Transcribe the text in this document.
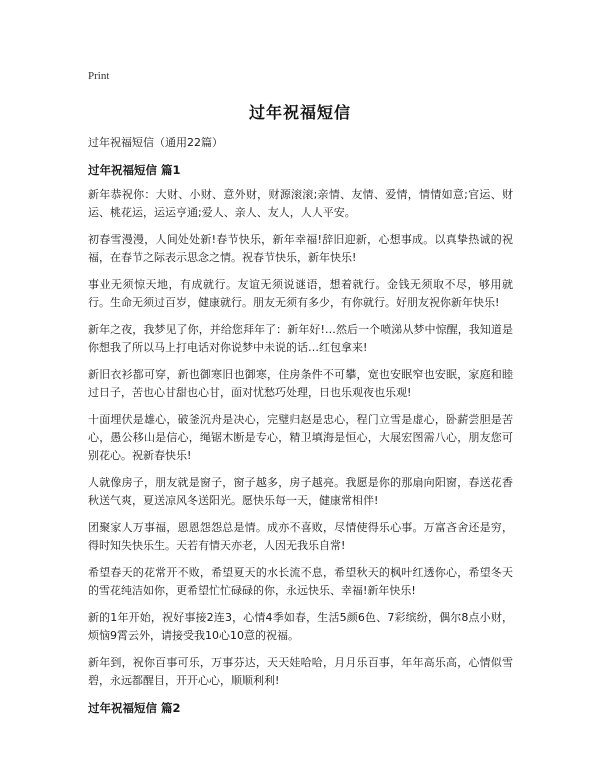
Print
过年祝福短信

过年祝福短信（通用22篇）

过年祝福短信 篇1

新年恭祝你：大财、小财、意外财，财源滚滚;亲情、友情、爱情，情情如意;官运、财运、桃花运，运运亨通;爱人、亲人、友人，人人平安。

初春雪漫漫，人间处处新!春节快乐，新年幸福!辞旧迎新，心想事成。以真挚热诚的祝福，在春节之际表示思念之情。祝春节快乐，新年快乐!

事业无须惊天地，有成就行。友谊无须说谜语，想着就行。金钱无须取不尽，够用就行。生命无须过百岁，健康就行。朋友无须有多少，有你就行。好朋友祝你新年快乐!

新年之夜，我梦见了你，并给您拜年了：新年好!…然后一个喷涕从梦中惊醒，我知道是你想我了所以马上打电话对你说梦中未说的话…红包拿来!

新旧衣衫都可穿，新也御寒旧也御寒，住房条件不可攀，宽也安眠窄也安眠，家庭和睦过日子，苦也心甘甜也心甘，面对忧愁巧处理，日也乐观夜也乐观!

十面埋伏是雄心，破釜沉舟是决心，完璧归赵是忠心，程门立雪是虚心，卧薪尝胆是苦心，愚公移山是信心，绳锯木断是专心，精卫填海是恒心，大展宏图需八心，朋友您可别花心。祝新春快乐!

人就像房子，朋友就是窗子，窗子越多，房子越亮。我愿是你的那扇向阳窗，春送花香秋送气爽，夏送凉风冬送阳光。愿快乐每一天，健康常相伴!

团聚家人万事福，恩恩怨怨总是情。成亦不喜败，尽情使得乐心事。万富吝舍还是穷，得时知失快乐生。天若有情天亦老，人因无我乐自常!

希望春天的花常开不败，希望夏天的水长流不息，希望秋天的枫叶红透你心，希望冬天的雪花纯洁如你，更希望忙忙碌碌的你，永远快乐、幸福!新年快乐!

新的1年开始，祝好事接2连3，心情4季如春，生活5颜6色、7彩缤纷，偶尔8点小财，烦恼9霄云外，请接受我10心10意的祝福。

新年到，祝你百事可乐，万事芬达，天天娃哈哈，月月乐百事，年年高乐高，心情似雪碧，永远都醒目，开开心心，顺顺利利!

过年祝福短信 篇2
